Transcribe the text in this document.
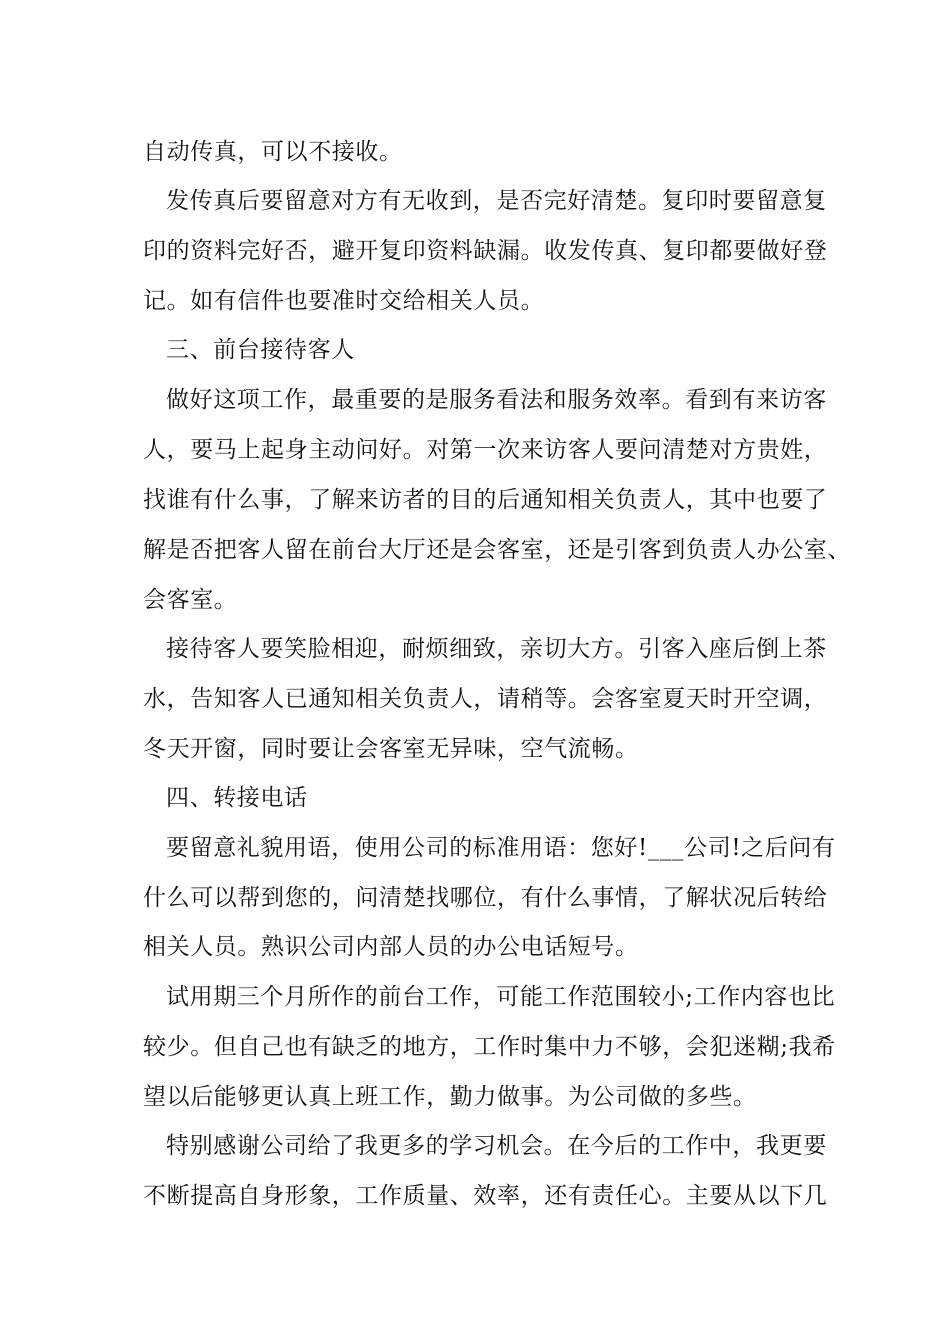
自动传真，可以不接收。
发传真后要留意对方有无收到，是否完好清楚。复印时要留意复
印的资料完好否，避开复印资料缺漏。收发传真、复印都要做好登
记。如有信件也要准时交给相关人员。
三、前台接待客人
做好这项工作，最重要的是服务看法和服务效率。看到有来访客
人，要马上起身主动问好。对第一次来访客人要问清楚对方贵姓，
找谁有什么事，了解来访者的目的后通知相关负责人，其中也要了
解是否把客人留在前台大厅还是会客室，还是引客到负责人办公室、
会客室。
接待客人要笑脸相迎，耐烦细致，亲切大方。引客入座后倒上茶
水，告知客人已通知相关负责人，请稍等。会客室夏天时开空调，
冬天开窗，同时要让会客室无异味，空气流畅。
四、转接电话
要留意礼貌用语，使用公司的标准用语：您好!___公司!之后问有
什么可以帮到您的，问清楚找哪位，有什么事情，了解状况后转给
相关人员。熟识公司内部人员的办公电话短号。
试用期三个月所作的前台工作，可能工作范围较小;工作内容也比
较少。但自己也有缺乏的地方，工作时集中力不够，会犯迷糊;我希
望以后能够更认真上班工作，勤力做事。为公司做的多些。
特别感谢公司给了我更多的学习机会。在今后的工作中，我更要
不断提高自身形象，工作质量、效率，还有责任心。主要从以下几
